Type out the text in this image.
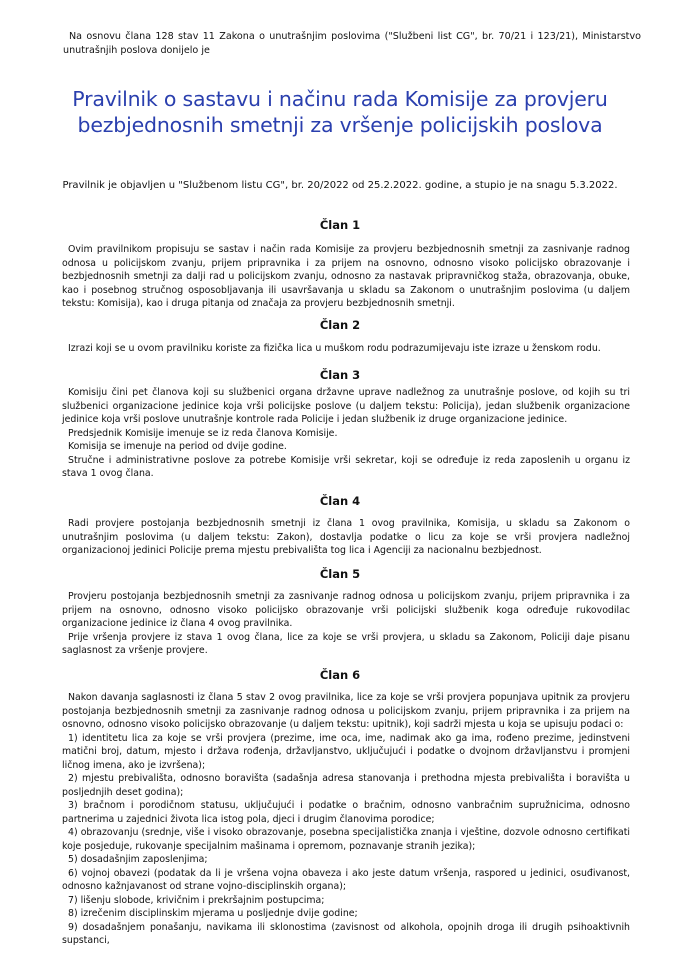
Na osnovu člana 128 stav 11 Zakona o unutrašnjim poslovima ("Službeni list CG", br. 70/21 i 123/21), Ministarstvo unutrašnjih poslova donijelo je
Pravilnik o sastavu i načinu rada Komisije za provjeru bezbjednosnih smetnji za vršenje policijskih poslova
Pravilnik je objavljen u "Službenom listu CG", br. 20/2022 od 25.2.2022. godine, a stupio je na snagu 5.3.2022.
Član 1

Ovim pravilnikom propisuju se sastav i način rada Komisije za provjeru bezbjednosnih smetnji za zasnivanje radnog odnosa u policijskom zvanju, prijem pripravnika i za prijem na osnovno, odnosno visoko policijsko obrazovanje i bezbjednosnih smetnji za dalji rad u policijskom zvanju, odnosno za nastavak pripravničkog staža, obrazovanja, obuke, kao i posebnog stručnog osposobljavanja ili usavršavanja u skladu sa Zakonom o unutrašnjim poslovima (u daljem tekstu: Komisija), kao i druga pitanja od značaja za provjeru bezbjednosnih smetnji.

Član 2

Izrazi koji se u ovom pravilniku koriste za fizička lica u muškom rodu podrazumijevaju iste izraze u ženskom rodu.

Član 3

Komisiju čini pet članova koji su službenici organa državne uprave nadležnog za unutrašnje poslove, od kojih su tri službenici organizacione jedinice koja vrši policijske poslove (u daljem tekstu: Policija), jedan službenik organizacione jedinice koja vrši poslove unutrašnje kontrole rada Policije i jedan službenik iz druge organizacione jedinice.

Predsjednik Komisije imenuje se iz reda članova Komisije.

Komisija se imenuje na period od dvije godine.

Stručne i administrativne poslove za potrebe Komisije vrši sekretar, koji se određuje iz reda zaposlenih u organu iz stava 1 ovog člana.

Član 4

Radi provjere postojanja bezbjednosnih smetnji iz člana 1 ovog pravilnika, Komisija, u skladu sa Zakonom o unutrašnjim poslovima (u daljem tekstu: Zakon), dostavlja podatke o licu za koje se vrši provjera nadležnoj organizacionoj jedinici Policije prema mjestu prebivališta tog lica i Agenciji za nacionalnu bezbjednost.

Član 5

Provjeru postojanja bezbjednosnih smetnji za zasnivanje radnog odnosa u policijskom zvanju, prijem pripravnika i za prijem na osnovno, odnosno visoko policijsko obrazovanje vrši policijski službenik koga određuje rukovodilac organizacione jedinice iz člana 4 ovog pravilnika.

Prije vršenja provjere iz stava 1 ovog člana, lice za koje se vrši provjera, u skladu sa Zakonom, Policiji daje pisanu saglasnost za vršenje provjere.

Član 6

Nakon davanja saglasnosti iz člana 5 stav 2 ovog pravilnika, lice za koje se vrši provjera popunjava upitnik za provjeru postojanja bezbjednosnih smetnji za zasnivanje radnog odnosa u policijskom zvanju, prijem pripravnika i za prijem na osnovno, odnosno visoko policijsko obrazovanje (u daljem tekstu: upitnik), koji sadrži mjesta u koja se upisuju podaci o:

1) identitetu lica za koje se vrši provjera (prezime, ime oca, ime, nadimak ako ga ima, rođeno prezime, jedinstveni matični broj, datum, mjesto i država rođenja, državljanstvo, uključujući i podatke o dvojnom državljanstvu i promjeni ličnog imena, ako je izvršena);
2) mjestu prebivališta, odnosno boravišta (sadašnja adresa stanovanja i prethodna mjesta prebivališta i boravišta u posljednjih deset godina);
3) bračnom i porodičnom statusu, uključujući i podatke o bračnim, odnosno vanbračnim supružnicima, odnosno partnerima u zajednici života lica istog pola, djeci i drugim članovima porodice;
4) obrazovanju (srednje, više i visoko obrazovanje, posebna specijalistička znanja i vještine, dozvole odnosno certifikati koje posjeduje, rukovanje specijalnim mašinama i opremom, poznavanje stranih jezika);
5) dosadašnjim zaposlenjima;
6) vojnoj obavezi (podatak da li je vršena vojna obaveza i ako jeste datum vršenja, raspored u jedinici, osuđivanost, odnosno kažnjavanost od strane vojno-disciplinskih organa);
7) lišenju slobode, krivičnim i prekršajnim postupcima;
8) izrečenim disciplinskim mjerama u posljednje dvije godine;
9) dosadašnjem ponašanju, navikama ili sklonostima (zavisnost od alkohola, opojnih droga ili drugih psihoaktivnih supstanci,
